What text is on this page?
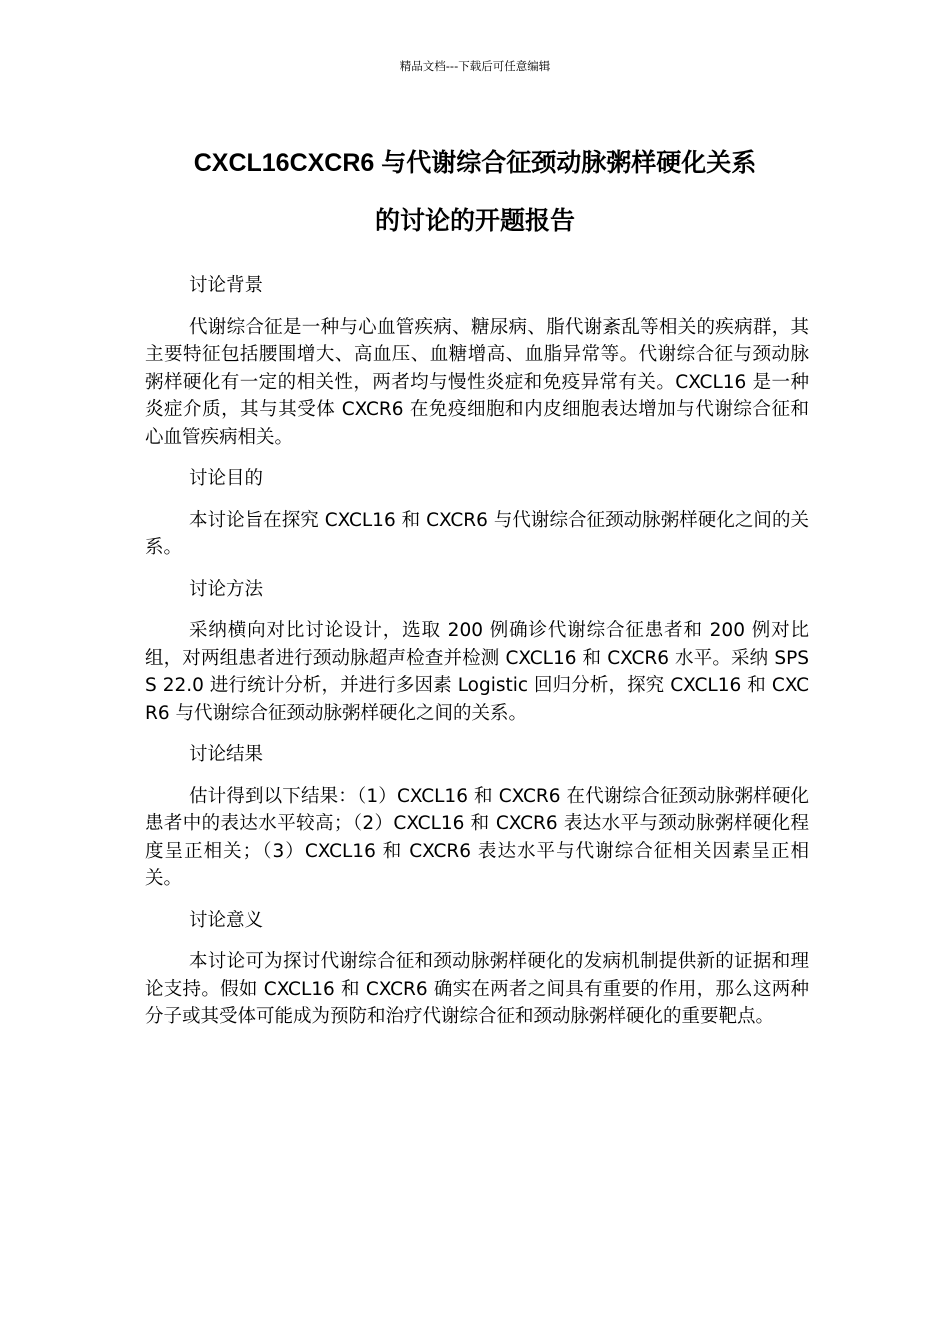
精品文档---下载后可任意编辑
CXCL16CXCR6 与代谢综合征颈动脉粥样硬化关系
的讨论的开题报告

讨论背景

代谢综合征是一种与心血管疾病、糖尿病、脂代谢紊乱等相关的疾病群，其主要特征包括腰围增大、高血压、血糖增高、血脂异常等。代谢综合征与颈动脉粥样硬化有一定的相关性，两者均与慢性炎症和免疫异常有关。CXCL16 是一种炎症介质，其与其受体 CXCR6 在免疫细胞和内皮细胞表达增加与代谢综合征和心血管疾病相关。

讨论目的

本讨论旨在探究 CXCL16 和 CXCR6 与代谢综合征颈动脉粥样硬化之间的关系。

讨论方法

采纳横向对比讨论设计，选取 200 例确诊代谢综合征患者和 200 例对比组，对两组患者进行颈动脉超声检查并检测 CXCL16 和 CXCR6 水平。采纳 SPSS 22.0 进行统计分析，并进行多因素 Logistic 回归分析，探究 CXCL16 和 CXCR6 与代谢综合征颈动脉粥样硬化之间的关系。

讨论结果

估计得到以下结果：（1）CXCL16 和 CXCR6 在代谢综合征颈动脉粥样硬化患者中的表达水平较高；（2）CXCL16 和 CXCR6 表达水平与颈动脉粥样硬化程度呈正相关；（3）CXCL16 和 CXCR6 表达水平与代谢综合征相关因素呈正相关。

讨论意义

本讨论可为探讨代谢综合征和颈动脉粥样硬化的发病机制提供新的证据和理论支持。假如 CXCL16 和 CXCR6 确实在两者之间具有重要的作用，那么这两种分子或其受体可能成为预防和治疗代谢综合征和颈动脉粥样硬化的重要靶点。
